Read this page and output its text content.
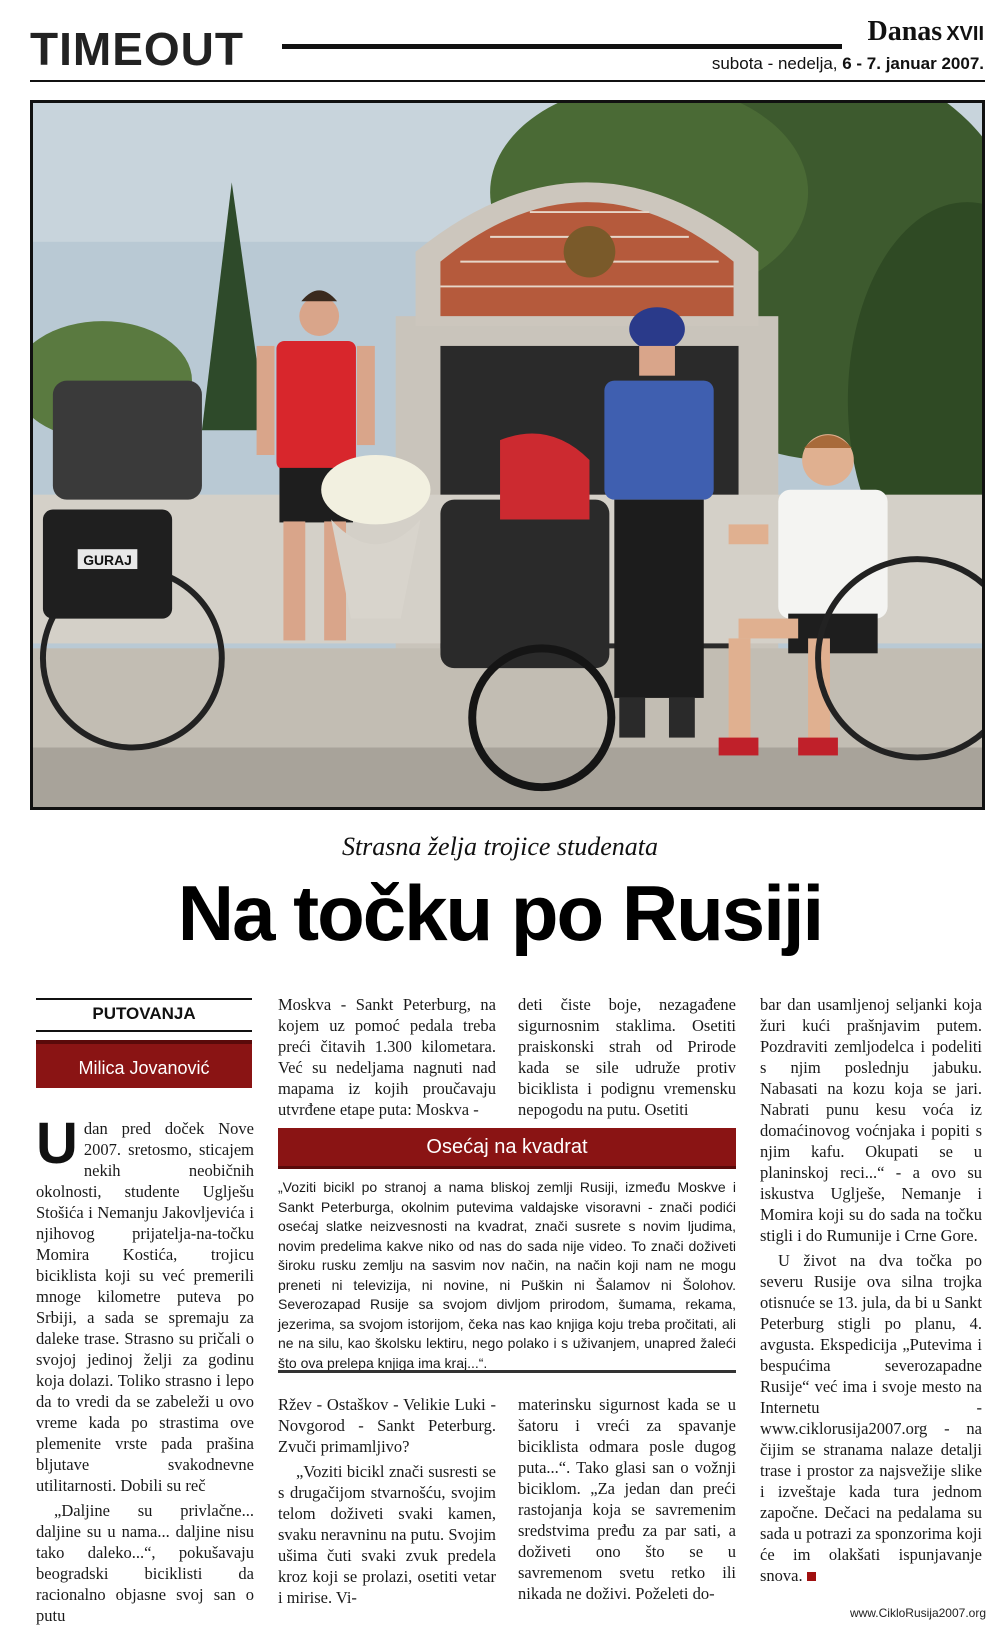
TIMEOUT	Danas XVII
subota - nedelja, 6 - 7. januar 2007.
GURAJ
Strasna želja trojice studenata
Na točku po Rusiji
PUTOVANJA
Milica Jovanović

Udan pred doček Nove 2007. sretosmo, sticajem nekih neobičnih okolnosti, studente Uglješu Stošića i Nemanju Jakovljevića i njihovog prijatelja-na-točku Momira Kostića, trojicu biciklista koji su već premerili mnoge kilometre puteva po Srbiji, a sada se spremaju za daleke trase. Strasno su pričali o svojoj jedinoj želji za godinu koja dolazi. Toliko strasno i lepo da to vredi da se zabeleži u ovo vreme kada po strastima ove plemenite vrste pada prašina bljutave svakodnevne utilitarnosti. Dobili su reč

„Daljine su privlačne... daljine su u nama... daljine nisu tako daleko...“, pokušavaju beogradski biciklisti da racionalno objasne svoj san o putu

Moskva - Sankt Peterburg, na kojem uz pomoć pedala treba preći čitavih 1.300 kilometara. Već su nedeljama nagnuti nad mapama iz kojih proučavaju utvrđene etape puta: Moskva -

deti čiste boje, nezagađene sigurnosnim staklima. Osetiti praiskonski strah od Prirode kada se sile udruže protiv biciklista i podignu vremensku nepogodu na putu. Osetiti

Osećaj na kvadrat
„Voziti bicikl po stranoj a nama bliskoj zemlji Rusiji, između Moskve i Sankt Peterburga, okolnim putevima valdajske visoravni - znači podići osećaj slatke neizvesnosti na kvadrat, znači susrete s novim ljudima, novim predelima kakve niko od nas do sada nije video. To znači doživeti široku rusku zemlju na sasvim nov način, na način koji nam ne mogu preneti ni televizija, ni novine, ni Puškin ni Šalamov ni Šolohov. Severozapad Rusije sa svojom divljom prirodom, šumama, rekama, jezerima, sa svojom istorijom, čeka nas kao knjiga koju treba pročitati, ali ne na silu, kao školsku lektiru, nego polako i s uživanjem, unapred žaleći što ova prelepa knjiga ima kraj...“.

Ržev - Ostaškov - Velikie Luki - Novgorod - Sankt Peterburg. Zvuči primamljivo?

„Voziti bicikl znači susresti se s drugačijom stvarnošću, svojim telom doživeti svaki kamen, svaku neravninu na putu. Svojim ušima čuti svaki zvuk predela kroz koji se prolazi, osetiti vetar i mirise. Vi-

materinsku sigurnost kada se u šatoru i vreći za spavanje biciklista odmara posle dugog puta...“. Tako glasi san o vožnji biciklom. „Za jedan dan preći rastojanja koja se savremenim sredstvima pređu za par sati, a doživeti ono što se u savremenom svetu retko ili nikada ne doživi. Poželeti do-

bar dan usamljenoj seljanki koja žuri kući prašnjavim putem. Pozdraviti zemljodelca i podeliti s njim poslednju jabuku. Nabasati na kozu koja se jari. Nabrati punu kesu voća iz domaćinovog voćnjaka i popiti s njim kafu. Okupati se u planinskoj reci...“ - a ovo su iskustva Uglješe, Nemanje i Momira koji su do sada na točku stigli i do Rumunije i Crne Gore.

U život na dva točka po severu Rusije ova silna trojka otisnuće se 13. jula, da bi u Sankt Peterburg stigli po planu, 4. avgusta. Ekspedicija „Putevima i bespućima severozapadne Rusije“ već ima i svoje mesto na Internetu - www.ciklorusija2007.org - na čijim se stranama nalaze detalji trase i prostor za najsvežije slike i izveštaje kada tura jednom započne. Dečaci na pedalama su sada u potrazi za sponzorima koji će im olakšati ispunjavanje snova.

www.CikloRusija2007.org
